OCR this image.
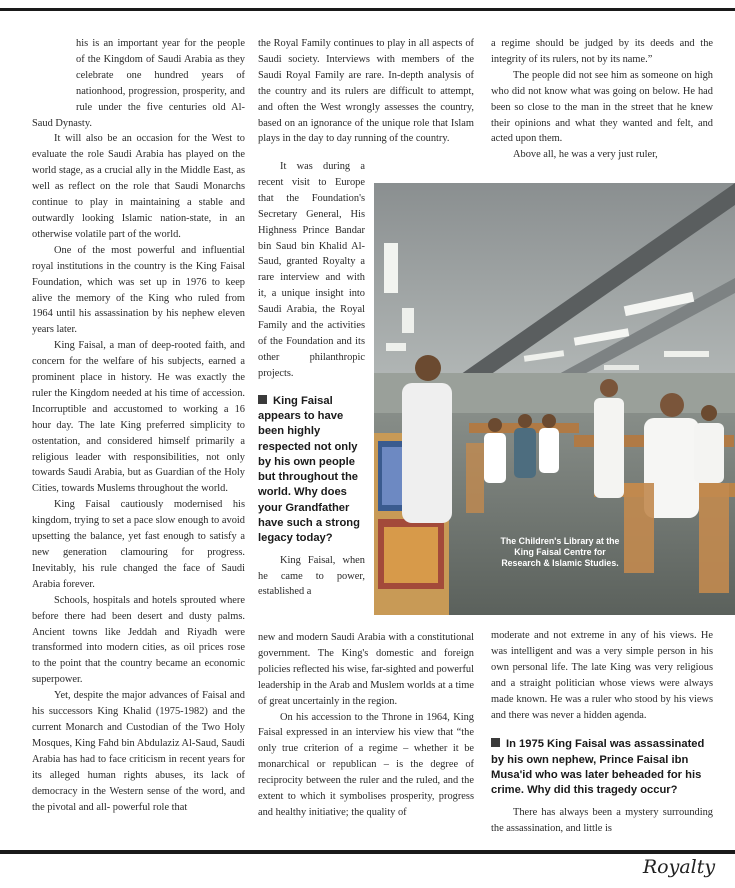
his is an important year for the people of the Kingdom of Saudi Arabia as they celebrate one hundred years of nationhood, progression, prosperity, and rule under the five centuries old Al-Saud Dynasty.

It will also be an occasion for the West to evaluate the role Saudi Arabia has played on the world stage, as a crucial ally in the Middle East, as well as reflect on the role that Saudi Monarchs continue to play in maintaining a stable and outwardly looking Islamic nation-state, in an otherwise volatile part of the world.

One of the most powerful and influential royal institutions in the country is the King Faisal Foundation, which was set up in 1976 to keep alive the memory of the King who ruled from 1964 until his assassination by his nephew eleven years later.

King Faisal, a man of deep-rooted faith, and concern for the welfare of his subjects, earned a prominent place in history. He was exactly the ruler the Kingdom needed at his time of accession. Incorruptible and accustomed to working a 16 hour day. The late King preferred simplicity to ostentation, and considered himself primarily a religious leader with responsibilities, not only towards Saudi Arabia, but as Guardian of the Holy Cities, towards Muslems throughout the world.

King Faisal cautiously modernised his kingdom, trying to set a pace slow enough to avoid upsetting the balance, yet fast enough to satisfy a new generation clamouring for progress. Inevitably, his rule changed the face of Saudi Arabia forever.

Schools, hospitals and hotels sprouted where before there had been desert and dusty palms. Ancient towns like Jeddah and Riyadh were transformed into modern cities, as oil prices rose to the point that the country became an economic superpower.

Yet, despite the major advances of Faisal and his successors King Khalid (1975-1982) and the current Monarch and Custodian of the Two Holy Mosques, King Fahd bin Abdulaziz Al-Saud, Saudi Arabia has had to face criticism in recent years for its alleged human rights abuses, its lack of democracy in the Western sense of the word, and the pivotal and all- powerful role that

the Royal Family continues to play in all aspects of Saudi society. Interviews with members of the Saudi Royal Family are rare. In-depth analysis of the country and its rulers are difficult to attempt, and often the West wrongly assesses the country, based on an ignorance of the unique role that Islam plays in the day to day running of the country.

It was during a recent visit to Europe that the Foundation's Secretary General, His Highness Prince Bandar bin Saud bin Khalid Al-Saud, granted Royalty a rare interview and with it, a unique insight into Saudi Arabia, the Royal Family and the activities of the Foundation and its other philanthropic projects.

King Faisal appears to have been highly respected not only by his own people but throughout the world. Why does your Grandfather have such a strong legacy today?

King Faisal, when he came to power, established a

new and modern Saudi Arabia with a constitutional government. The King's domestic and foreign policies reflected his wise, far-sighted and powerful leadership in the Arab and Muslem worlds at a time of great uncertainly in the region.

On his accession to the Throne in 1964, King Faisal expressed in an interview his view that “the only true criterion of a regime – whether it be monarchical or republican – is the degree of reciprocity between the ruler and the ruled, and the extent to which it symbolises prosperity, progress and healthy initiative; the quality of

a regime should be judged by its deeds and the integrity of its rulers, not by its name.”

The people did not see him as someone on high who did not know what was going on below. He had been so close to the man in the street that he knew their opinions and what they wanted and felt, and acted upon them.

Above all, he was a very just ruler,

The Children's Library at the King Faisal Centre for Research & Islamic Studies.

moderate and not extreme in any of his views. He was intelligent and was a very simple person in his own personal life. The late King was very religious and a straight politician whose views were always made known. He was a ruler who stood by his views and there was never a hidden agenda.

In 1975 King Faisal was assassinated by his own nephew, Prince Faisal ibn Musa'id who was later beheaded for his crime. Why did this tragedy occur?

There has always been a mystery surrounding the assassination, and little is

Royalty
